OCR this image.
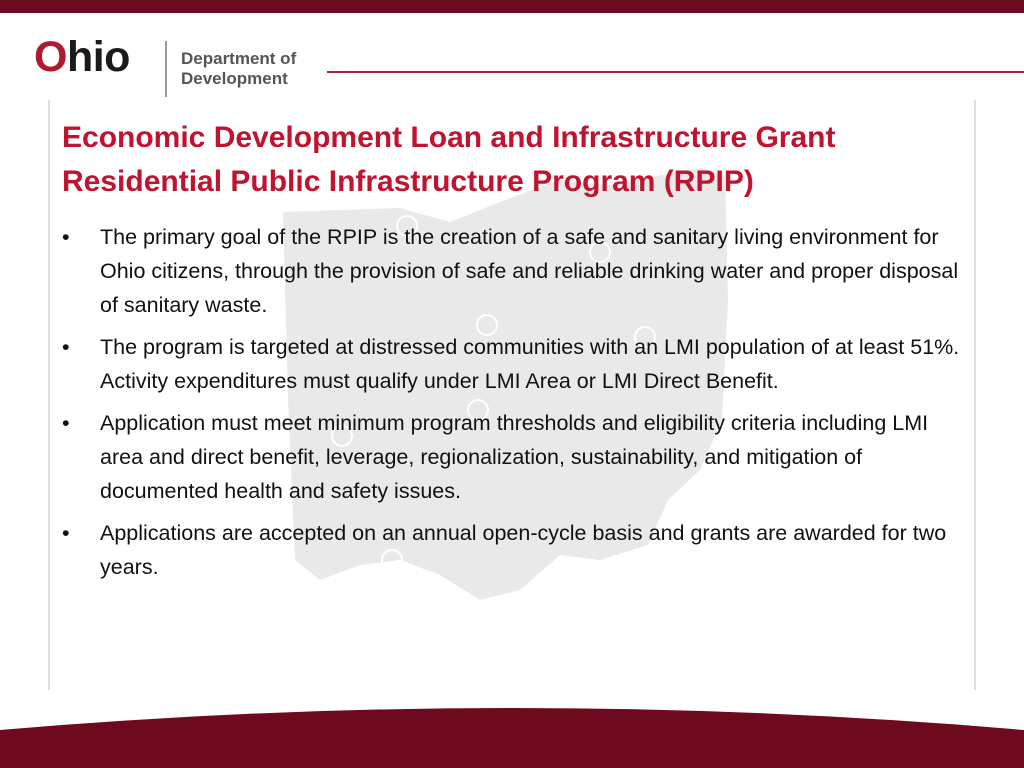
Ohio	Department of
Development
Economic Development Loan and Infrastructure Grant
Residential Public Infrastructure Program (RPIP)
• The primary goal of the RPIP is the creation of a safe and sanitary living environment for Ohio citizens, through the provision of safe and reliable drinking water and proper disposal of sanitary waste.
• The program is targeted at distressed communities with an LMI population of at least 51%. Activity expenditures must qualify under LMI Area or LMI Direct Benefit.
• Application must meet minimum program thresholds and eligibility criteria including LMI area and direct benefit, leverage, regionalization, sustainability, and mitigation of documented health and safety issues.
• Applications are accepted on an annual open-cycle basis and grants are awarded for two years.
